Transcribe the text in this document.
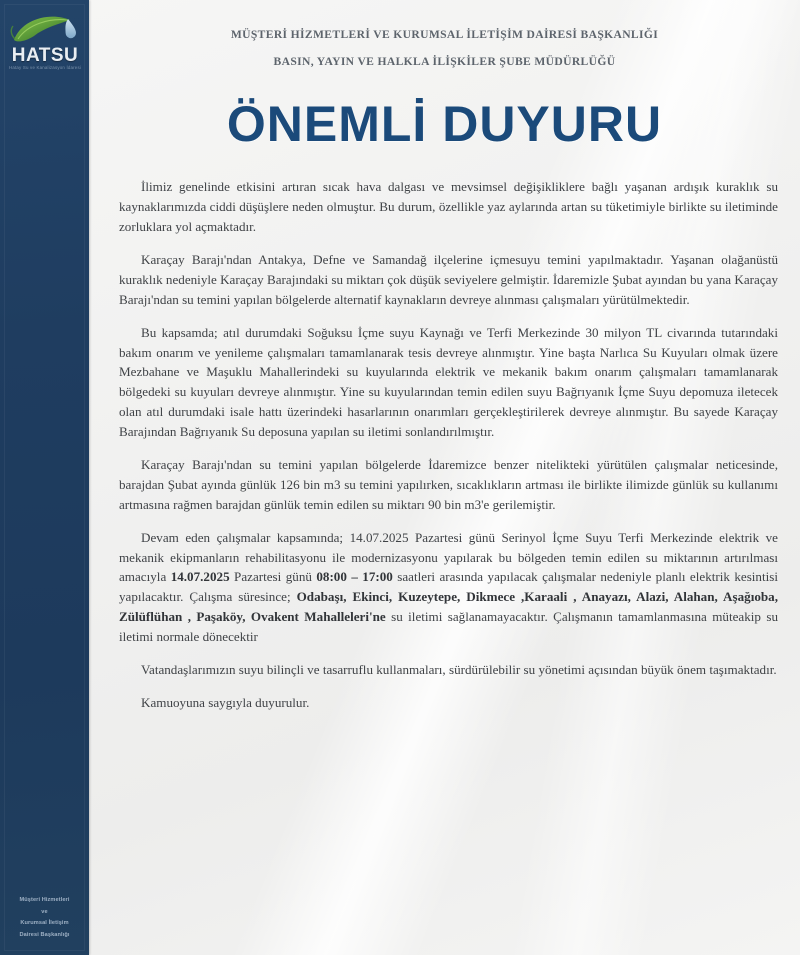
HATSU
Hatay Su ve Kanalizasyon İdaresi
Müşteri Hizmetleri
ve
Kurumsal İletişim
Dairesi Başkanlığı
MÜŞTERİ HİZMETLERİ VE KURUMSAL İLETİŞİM DAİRESİ BAŞKANLIĞI
BASIN, YAYIN VE HALKLA İLİŞKİLER ŞUBE MÜDÜRLÜĞÜ
ÖNEMLİ DUYURU

İlimiz genelinde etkisini artıran sıcak hava dalgası ve mevsimsel değişikliklere bağlı yaşanan ardışık kuraklık su kaynaklarımızda ciddi düşüşlere neden olmuştur. Bu durum, özellikle yaz aylarında artan su tüketimiyle birlikte su iletiminde zorluklara yol açmaktadır.

Karaçay Barajı'ndan Antakya, Defne ve Samandağ ilçelerine içmesuyu temini yapılmaktadır. Yaşanan olağanüstü kuraklık nedeniyle Karaçay Barajındaki su miktarı çok düşük seviyelere gelmiştir. İdaremizle Şubat ayından bu yana Karaçay Barajı'ndan su temini yapılan bölgelerde alternatif kaynakların devreye alınması çalışmaları yürütülmektedir.

Bu kapsamda; atıl durumdaki Soğuksu İçme suyu Kaynağı ve Terfi Merkezinde 30 milyon TL civarında tutarındaki bakım onarım ve yenileme çalışmaları tamamlanarak tesis devreye alınmıştır. Yine başta Narlıca Su Kuyuları olmak üzere Mezbahane ve Maşuklu Mahallerindeki su kuyularında elektrik ve mekanik bakım onarım çalışmaları tamamlanarak bölgedeki su kuyuları devreye alınmıştır. Yine su kuyularından temin edilen suyu Bağrıyanık İçme Suyu depomuza iletecek olan atıl durumdaki isale hattı üzerindeki hasarlarının onarımları gerçekleştirilerek devreye alınmıştır. Bu sayede Karaçay Barajından Bağrıyanık Su deposuna yapılan su iletimi sonlandırılmıştır.

Karaçay Barajı'ndan su temini yapılan bölgelerde İdaremizce benzer nitelikteki yürütülen çalışmalar neticesinde, barajdan Şubat ayında günlük 126 bin m3 su temini yapılırken, sıcaklıkların artması ile birlikte ilimizde günlük su kullanımı artmasına rağmen barajdan günlük temin edilen su miktarı 90 bin m3'e gerilemiştir.

Devam eden çalışmalar kapsamında; 14.07.2025 Pazartesi günü Serinyol İçme Suyu Terfi Merkezinde elektrik ve mekanik ekipmanların rehabilitasyonu ile modernizasyonu yapılarak bu bölgeden temin edilen su miktarının artırılması amacıyla 14.07.2025 Pazartesi günü 08:00 – 17:00 saatleri arasında yapılacak çalışmalar nedeniyle planlı elektrik kesintisi yapılacaktır. Çalışma süresince; Odabaşı, Ekinci, Kuzeytepe, Dikmece ,Karaali , Anayazı, Alazi, Alahan, Aşağıoba, Zülüflühan , Paşaköy, Ovakent Mahalleleri'ne su iletimi sağlanamayacaktır. Çalışmanın tamamlanmasına müteakip su iletimi normale dönecektir

Vatandaşlarımızın suyu bilinçli ve tasarruflu kullanmaları, sürdürülebilir su yönetimi açısından büyük önem taşımaktadır.

Kamuoyuna saygıyla duyurulur.
